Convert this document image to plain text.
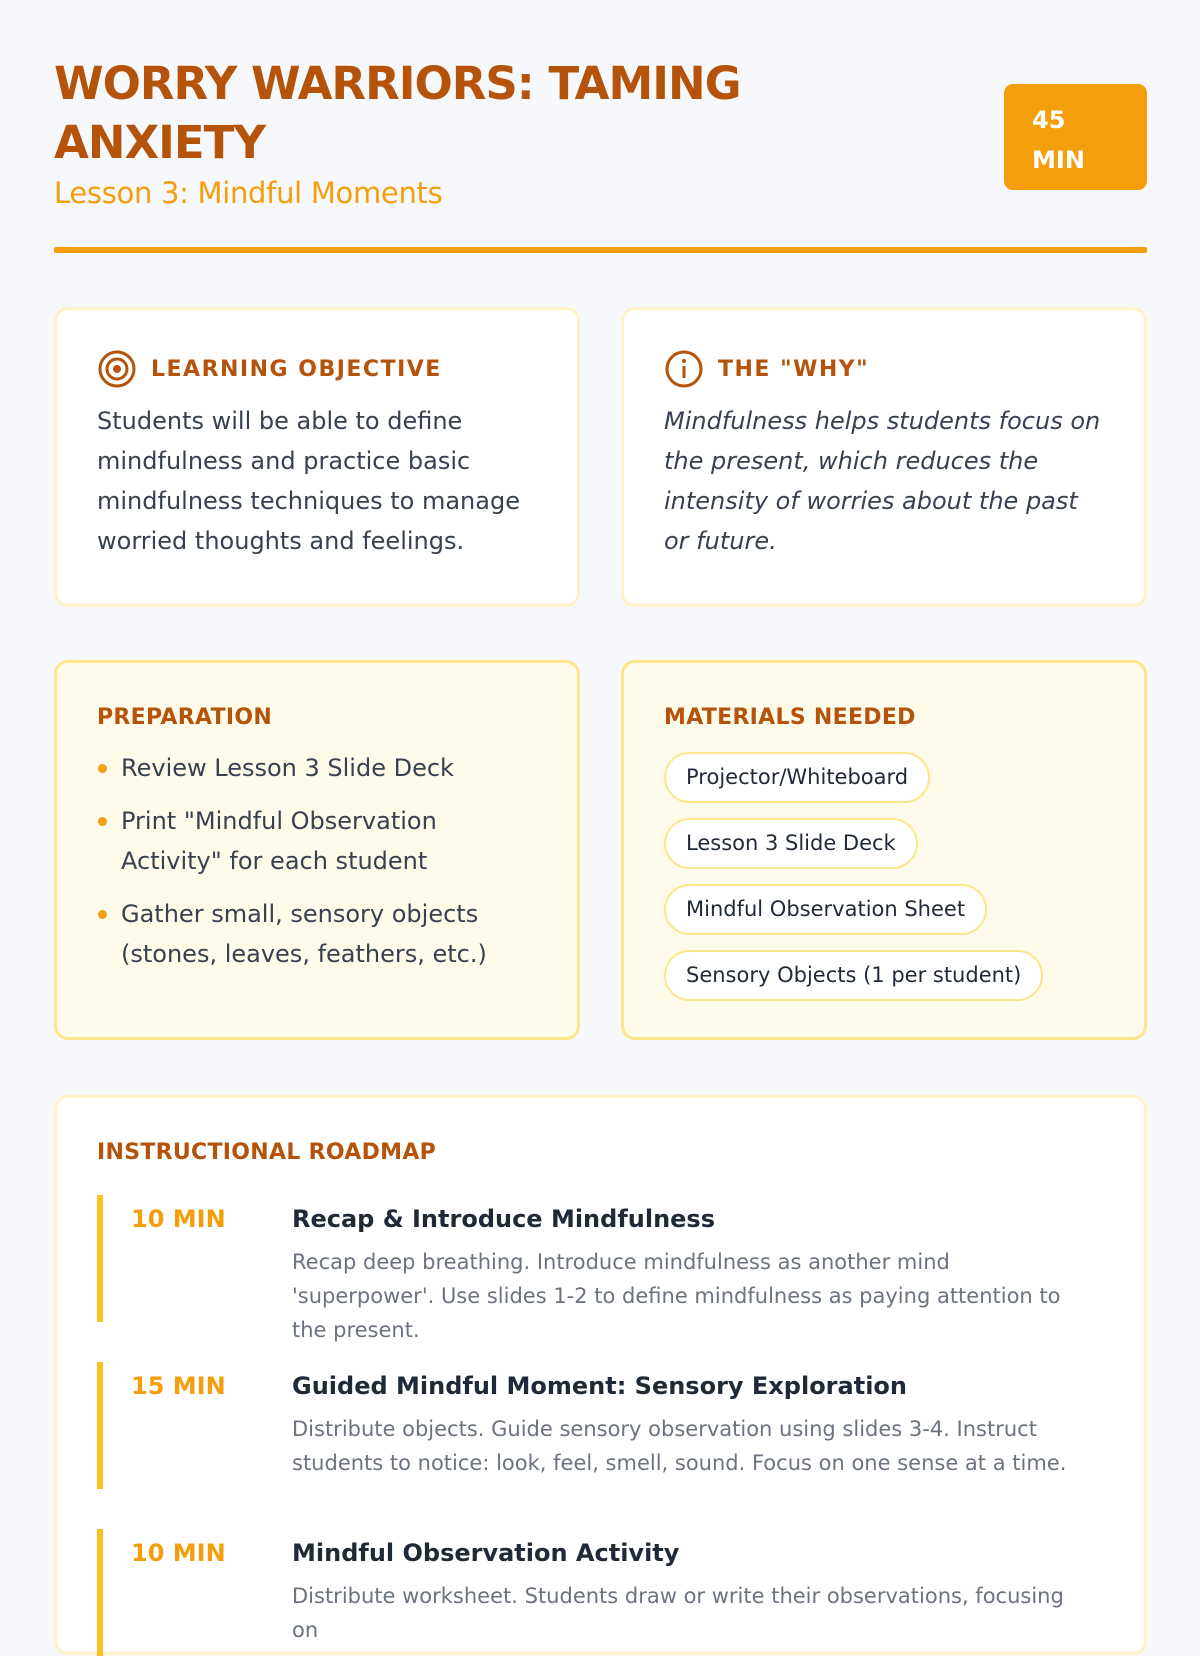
WORRY WARRIORS: TAMING ANXIETY
Lesson 3: Mindful Moments
45
MIN
LEARNING OBJECTIVE
Students will be able to define mindfulness and practice basic mindfulness techniques to manage worried thoughts and feelings.
THE "WHY"
Mindfulness helps students focus on the present, which reduces the intensity of worries about the past or future.
PREPARATION
Review Lesson 3 Slide Deck
Print "Mindful Observation Activity" for each student
Gather small, sensory objects (stones, leaves, feathers, etc.)
MATERIALS NEEDED
Projector/Whiteboard
Lesson 3 Slide Deck
Mindful Observation Sheet
Sensory Objects (1 per student)
INSTRUCTIONAL ROADMAP
10 MIN	Recap & Introduce Mindfulness
Recap deep breathing. Introduce mindfulness as another mind 'superpower'. Use slides 1-2 to define mindfulness as paying attention to the present.
15 MIN	Guided Mindful Moment: Sensory Exploration
Distribute objects. Guide sensory observation using slides 3-4. Instruct students to notice: look, feel, smell, sound. Focus on one sense at a time.
10 MIN	Mindful Observation Activity
Distribute worksheet. Students draw or write their observations, focusing on
